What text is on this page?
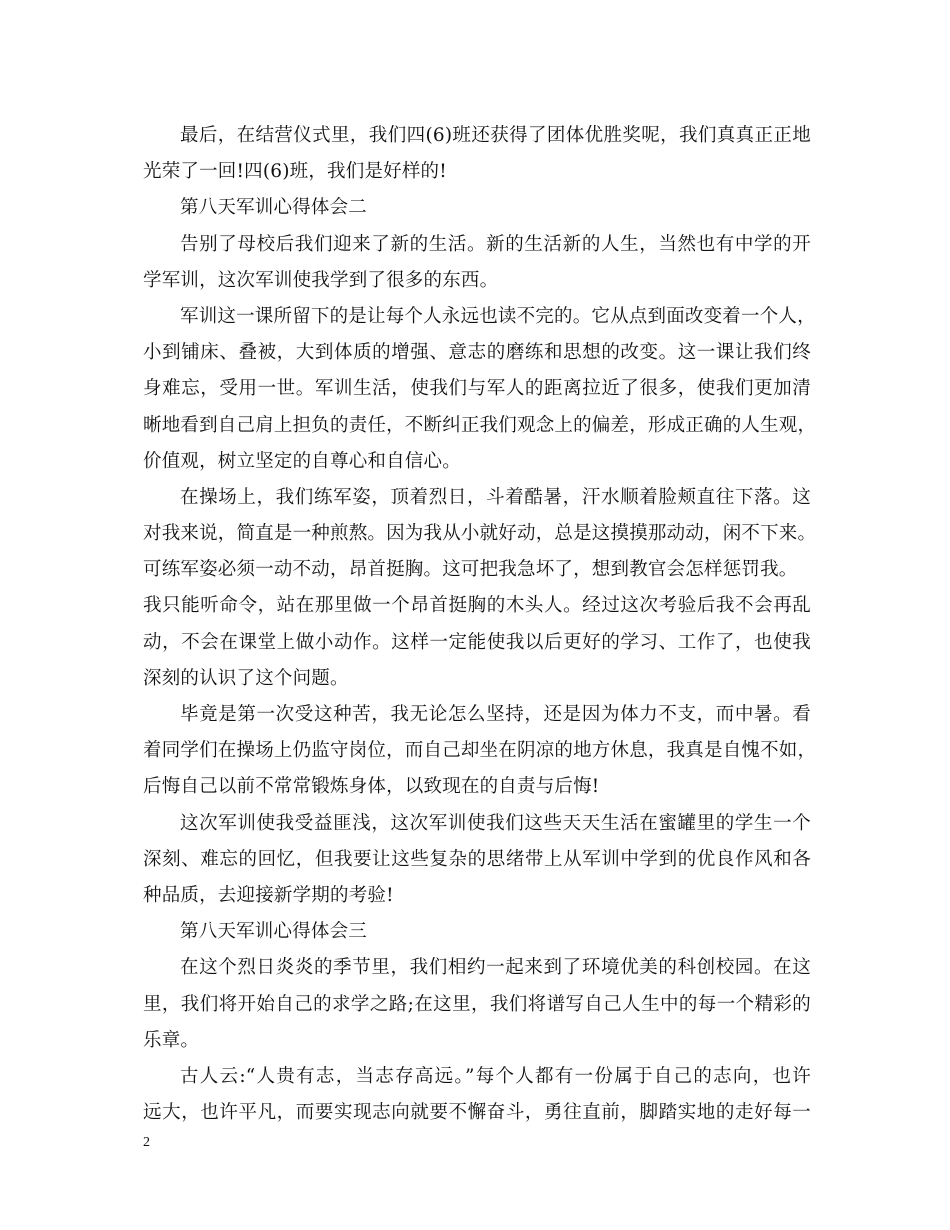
最后，在结营仪式里，我们四(6)班还获得了团体优胜奖呢，我们真真正正地
光荣了一回!四(6)班，我们是好样的!
第八天军训心得体会二
告别了母校后我们迎来了新的生活。新的生活新的人生，当然也有中学的开
学军训，这次军训使我学到了很多的东西。
军训这一课所留下的是让每个人永远也读不完的。它从点到面改变着一个人，
小到铺床、叠被，大到体质的增强、意志的磨练和思想的改变。这一课让我们终
身难忘，受用一世。军训生活，使我们与军人的距离拉近了很多，使我们更加清
晰地看到自己肩上担负的责任，不断纠正我们观念上的偏差，形成正确的人生观，
价值观，树立坚定的自尊心和自信心。
在操场上，我们练军姿，顶着烈日，斗着酷暑，汗水顺着脸颊直往下落。这
对我来说，简直是一种煎熬。因为我从小就好动，总是这摸摸那动动，闲不下来。
可练军姿必须一动不动，昂首挺胸。这可把我急坏了，想到教官会怎样惩罚我。
我只能听命令，站在那里做一个昂首挺胸的木头人。经过这次考验后我不会再乱
动，不会在课堂上做小动作。这样一定能使我以后更好的学习、工作了，也使我
深刻的认识了这个问题。
毕竟是第一次受这种苦，我无论怎么坚持，还是因为体力不支，而中暑。看
着同学们在操场上仍监守岗位，而自己却坐在阴凉的地方休息，我真是自愧不如，
后悔自己以前不常常锻炼身体，以致现在的自责与后悔!
这次军训使我受益匪浅，这次军训使我们这些天天生活在蜜罐里的学生一个
深刻、难忘的回忆，但我要让这些复杂的思绪带上从军训中学到的优良作风和各
种品质，去迎接新学期的考验!
第八天军训心得体会三
在这个烈日炎炎的季节里，我们相约一起来到了环境优美的科创校园。在这
里，我们将开始自己的求学之路;在这里，我们将谱写自己人生中的每一个精彩的
乐章。
古人云:“人贵有志，当志存高远。”每个人都有一份属于自己的志向，也许
远大，也许平凡，而要实现志向就要不懈奋斗，勇往直前，脚踏实地的走好每一
2
